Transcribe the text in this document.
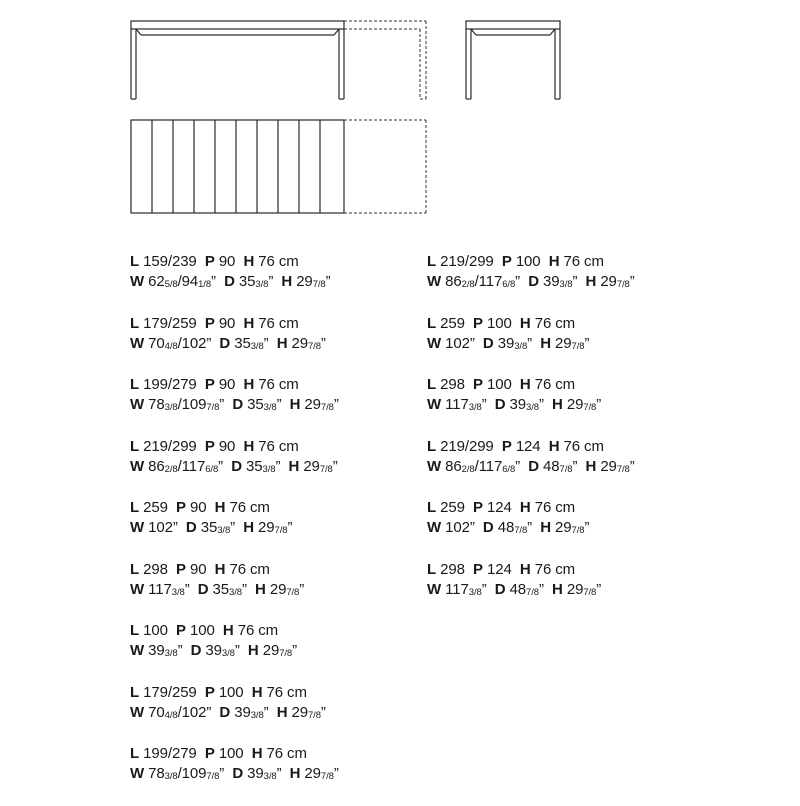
L 159/239 P 90 H 76 cm
W $62_{5/8}/94_{1/8}$” D $35_{3/8}$” H $29_{7/8}$”
L 179/259 P 90 H 76 cm
W $70_{4/8}/102$” D $35_{3/8}$” H $29_{7/8}$”
L 199/279 P 90 H 76 cm
W $78_{3/8}/109_{7/8}$” D $35_{3/8}$” H $29_{7/8}$”
L 219/299 P 90 H 76 cm
W $86_{2/8}/117_{6/8}$” D $35_{3/8}$” H $29_{7/8}$”
L 259 P 90 H 76 cm
W 102” D $35_{3/8}$” H $29_{7/8}$”
L 298 P 90 H 76 cm
W $117_{3/8}$” D $35_{3/8}$” H $29_{7/8}$”
L 100 P 100 H 76 cm
W $39_{3/8}$” D $39_{3/8}$” H $29_{7/8}$”
L 179/259 P 100 H 76 cm
W $70_{4/8}/102$” D $39_{3/8}$” H $29_{7/8}$”
L 199/279 P 100 H 76 cm
W $78_{3/8}/109_{7/8}$” D $39_{3/8}$” H $29_{7/8}$”
L 219/299 P 100 H 76 cm
W $86_{2/8}/117_{6/8}$” D $39_{3/8}$” H $29_{7/8}$”
L 259 P 100 H 76 cm
W 102” D $39_{3/8}$” H $29_{7/8}$”
L 298 P 100 H 76 cm
W $117_{3/8}$” D $39_{3/8}$” H $29_{7/8}$”
L 219/299 P 124 H 76 cm
W $86_{2/8}/117_{6/8}$” D $48_{7/8}$” H $29_{7/8}$”
L 259 P 124 H 76 cm
W 102” D $48_{7/8}$” H $29_{7/8}$”
L 298 P 124 H 76 cm
W $117_{3/8}$” D $48_{7/8}$” H $29_{7/8}$”
